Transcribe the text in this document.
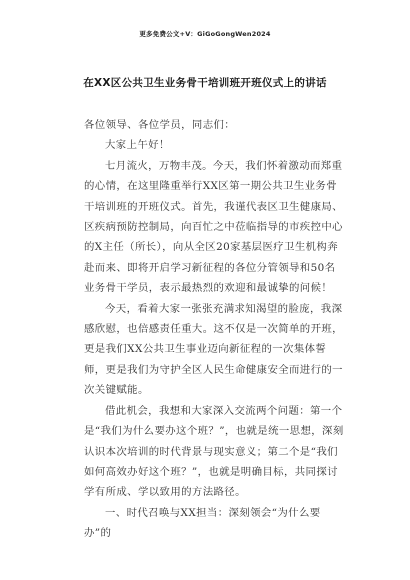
更多免费公文+V：GiGoGongWen2024
在XX区公共卫生业务骨干培训班开班仪式上的讲话

各位领导、各位学员，同志们：

大家上午好！

七月流火，万物丰茂。今天，我们怀着激动而郑重的心情，在这里隆重举行XX区第一期公共卫生业务骨干培训班的开班仪式。首先，我谨代表区卫生健康局、区疾病预防控制局，向百忙之中莅临指导的市疾控中心的X主任（所长），向从全区20家基层医疗卫生机构奔赴而来、即将开启学习新征程的各位分管领导和50名业务骨干学员，表示最热烈的欢迎和最诚挚的问候！

今天，看着大家一张张充满求知渴望的脸庞，我深感欣慰，也倍感责任重大。这不仅是一次简单的开班，更是我们XX公共卫生事业迈向新征程的一次集体誓师，更是我们为守护全区人民生命健康安全而进行的一次关键赋能。

借此机会，我想和大家深入交流两个问题：第一个是“我们为什么要办这个班？”，也就是统一思想，深刻认识本次培训的时代背景与现实意义；第二个是“我们如何高效办好这个班？”，也就是明确目标，共同探讨学有所成、学以致用的方法路径。

一、时代召唤与XX担当：深刻领会“为什么要办”的
